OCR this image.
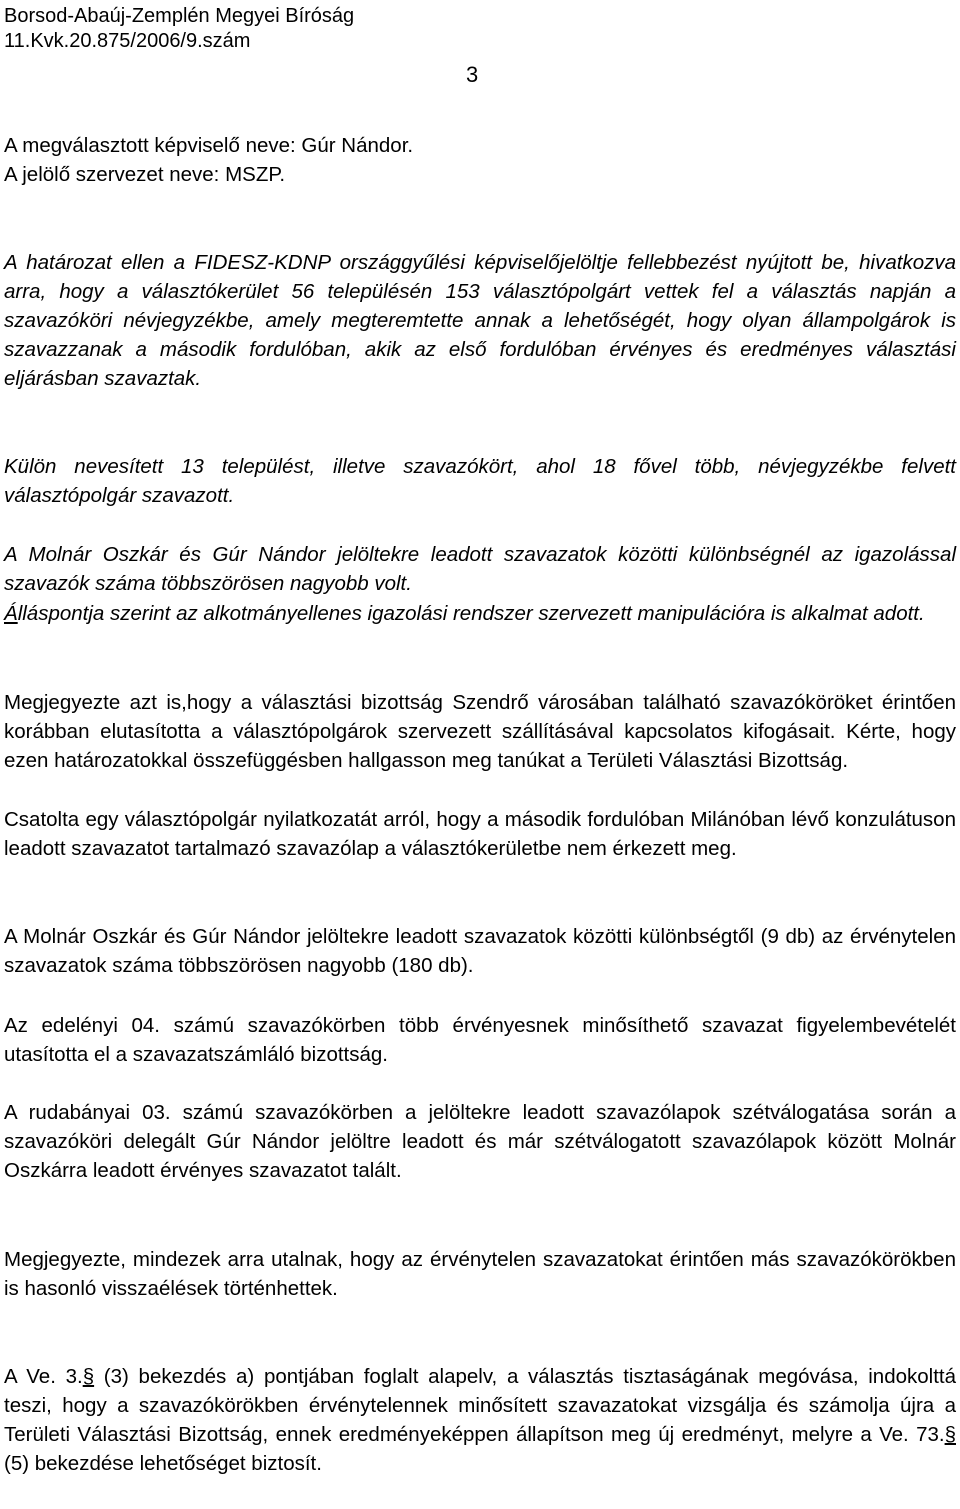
Borsod-Abaúj-Zemplén Megyei Bíróság
11.Kvk.20.875/2006/9.szám
3

A megválasztott képviselő neve: Gúr Nándor.

A jelölő szervezet neve: MSZP.

A határozat ellen a FIDESZ-KDNP országgyűlési képviselőjelöltje fellebbezést nyújtott be, hivatkozva arra, hogy a választókerület 56 településén 153 választópolgárt vettek fel a választás napján a szavazóköri névjegyzékbe, amely megteremtette annak a lehetőségét, hogy olyan állampolgárok is szavazzanak a második fordulóban, akik az első fordulóban érvényes és eredményes választási eljárásban szavaztak.

Külön nevesített 13 települést, illetve szavazókört, ahol 18 fővel több, névjegyzékbe felvett választópolgár szavazott.

A Molnár Oszkár és Gúr Nándor jelöltekre leadott szavazatok közötti különbségnél az igazolással szavazók száma többszörösen nagyobb volt.

Álláspontja szerint az alkotmányellenes igazolási rendszer szervezett manipulációra is alkalmat adott.

Megjegyezte azt is,hogy a választási bizottság Szendrő városában található szavazóköröket érintően korábban elutasította a választópolgárok szervezett szállításával kapcsolatos kifogásait. Kérte, hogy ezen határozatokkal összefüggésben hallgasson meg tanúkat a Területi Választási Bizottság.

Csatolta egy választópolgár nyilatkozatát arról, hogy a második fordulóban Milánóban lévő konzulátuson leadott szavazatot tartalmazó szavazólap a választókerületbe nem érkezett meg.

A Molnár Oszkár és Gúr Nándor jelöltekre leadott szavazatok közötti különbségtől (9 db) az érvénytelen szavazatok száma többszörösen nagyobb (180 db).

Az edelényi 04. számú szavazókörben több érvényesnek minősíthető szavazat figyelembevételét utasította el a szavazatszámláló bizottság.

A rudabányai 03. számú szavazókörben a jelöltekre leadott szavazólapok szétválogatása során a szavazóköri delegált Gúr Nándor jelöltre leadott és már szétválogatott szavazólapok között Molnár Oszkárra leadott érvényes szavazatot talált.

Megjegyezte, mindezek arra utalnak, hogy az érvénytelen szavazatokat érintően más szavazókörökben is hasonló visszaélések történhettek.

A Ve. 3.§ (3) bekezdés a) pontjában foglalt alapelv, a választás tisztaságának megóvása, indokolttá teszi, hogy a szavazókörökben érvénytelennek minősített szavazatokat vizsgálja és számolja újra a Területi Választási Bizottság, ennek eredményeképpen állapítson meg új eredményt, melyre a Ve. 73.§ (5) bekezdése lehetőséget biztosít.
